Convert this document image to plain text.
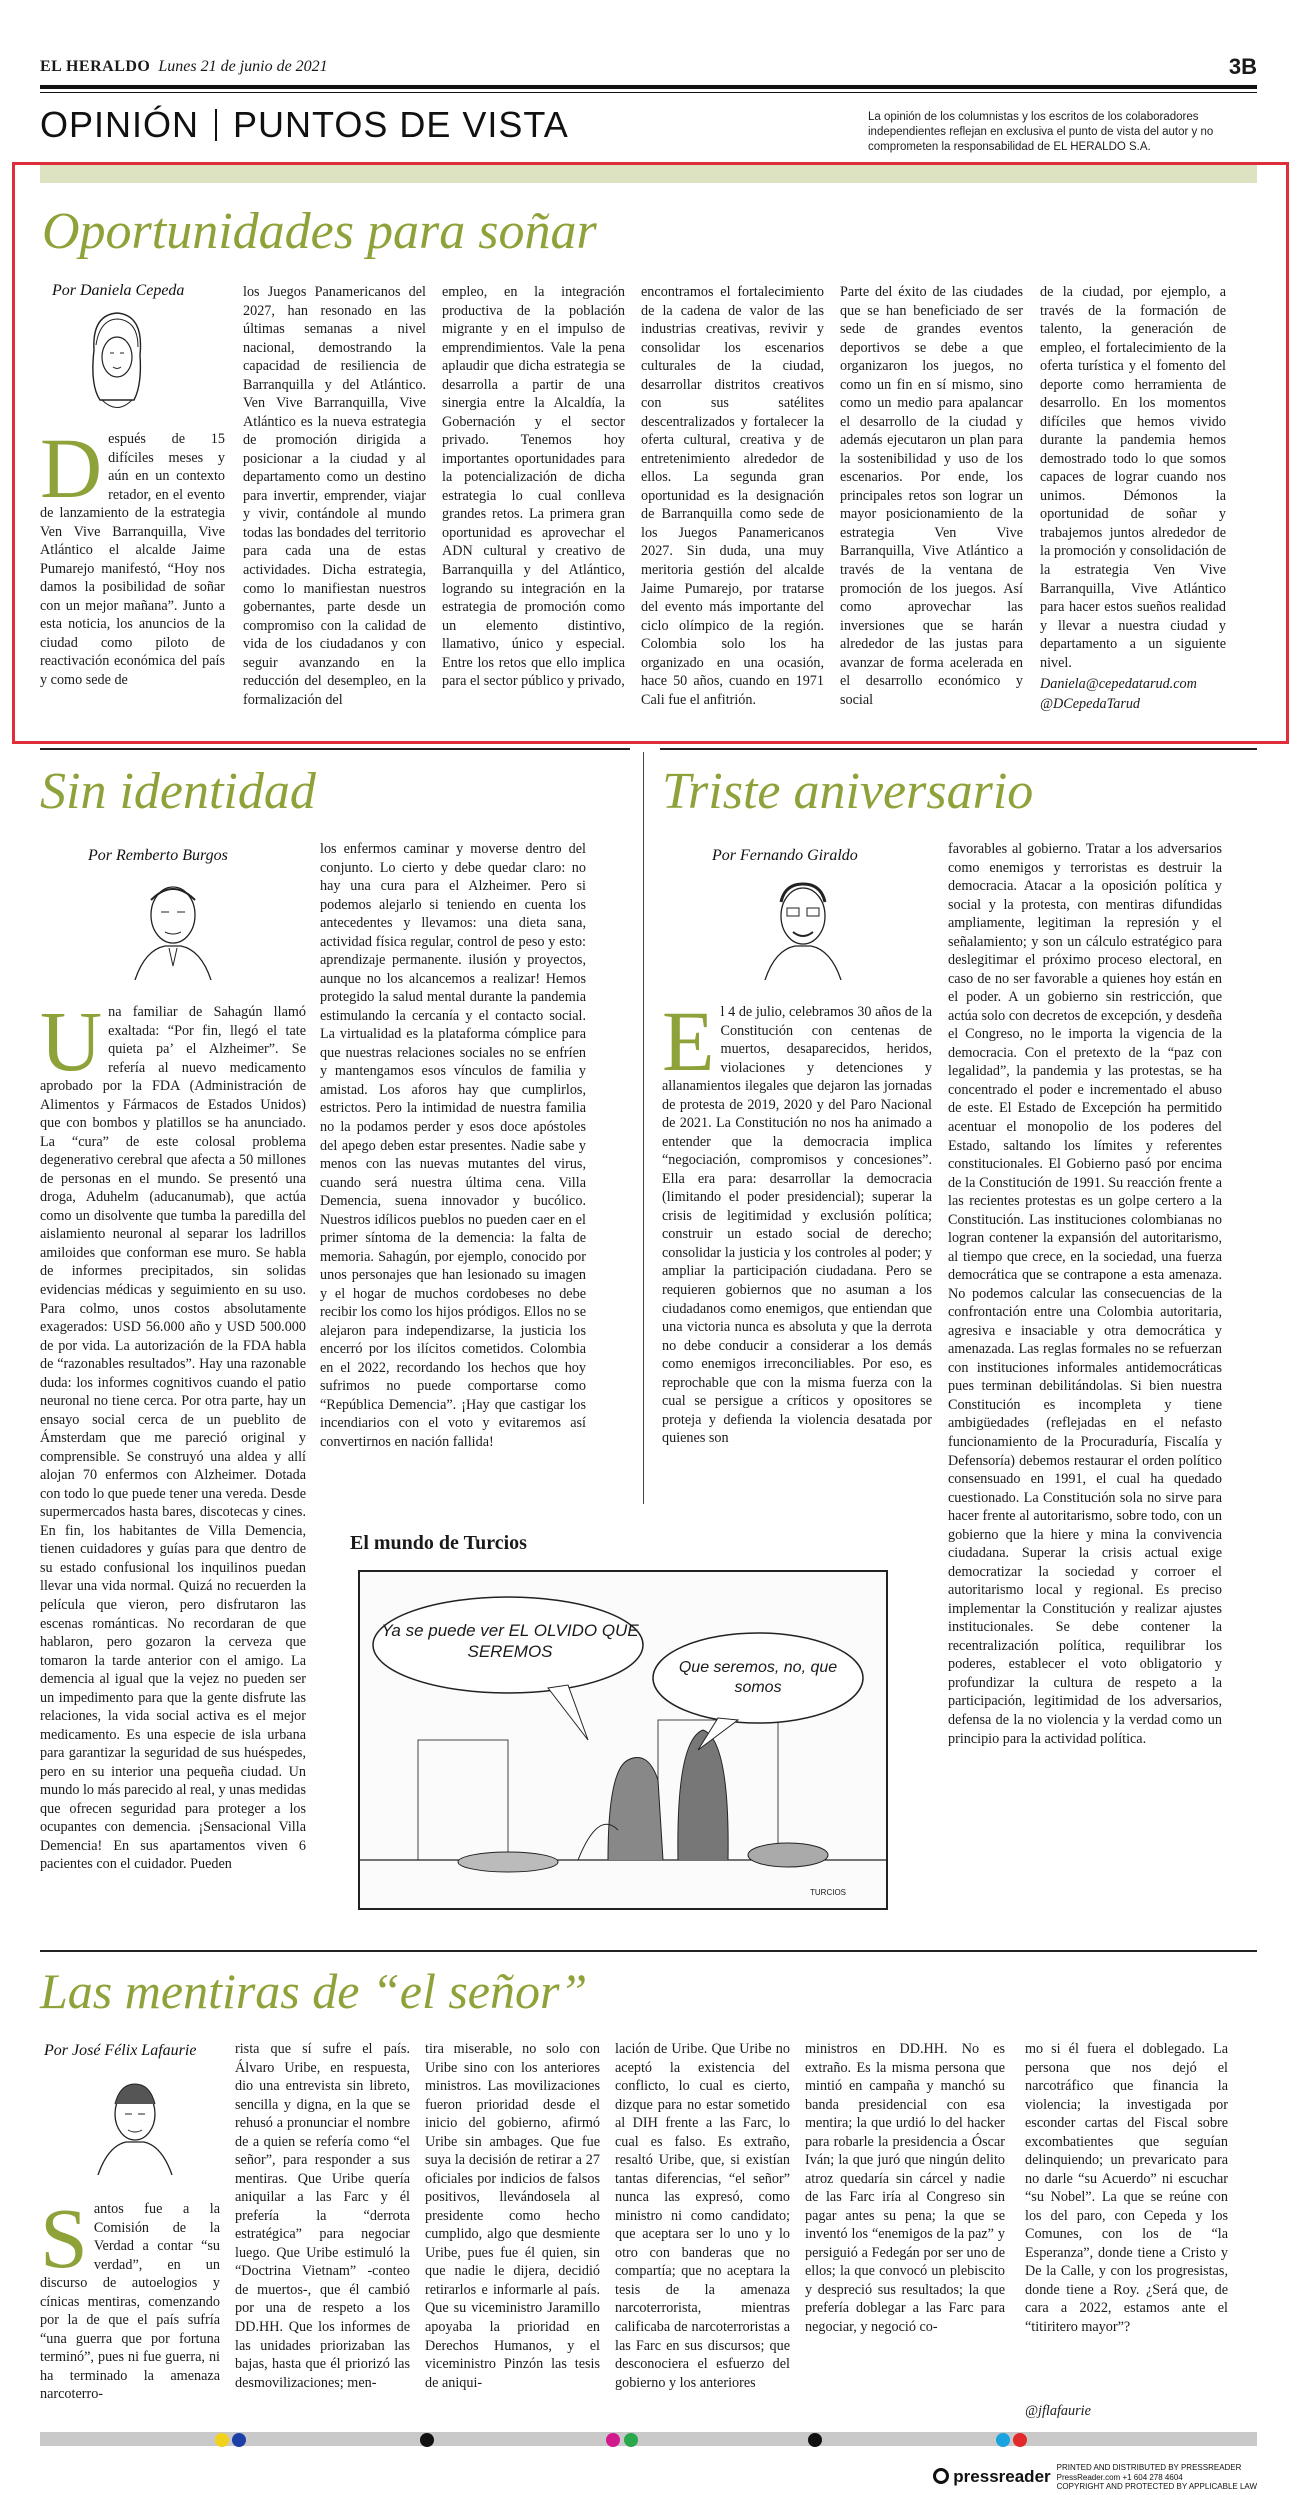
EL HERALDO Lunes 21 de junio de 2021	3B
OPINIÓN PUNTOS DE VISTA	La opinión de los columnistas y los escritos de los colaboradores independientes reflejan en exclusiva el punto de vista del autor y no comprometen la responsabilidad de EL HERALDO S.A.
Oportunidades para soñar
Por Daniela Cepeda
D espués de 15 difíciles meses y aún en un contexto retador, en el evento de lanzamiento de la estrategia Ven Vive Barranquilla, Vive Atlántico el alcalde Jaime Pumarejo manifestó, “Hoy nos damos la posibilidad de soñar con un mejor mañana”. Junto a esta noticia, los anuncios de la ciudad como piloto de reactivación económica del país y como sede de

los Juegos Panamericanos del 2027, han resonado en las últimas semanas a nivel nacional, demostrando la capacidad de resiliencia de Barranquilla y del Atlántico. Ven Vive Barranquilla, Vive Atlántico es la nueva estrategia de promoción dirigida a posicionar a la ciudad y al departamento como un destino para invertir, emprender, viajar y vivir, contándole al mundo todas las bondades del territorio para cada una de estas actividades. Dicha estrategia, como lo manifiestan nuestros gobernantes, parte desde un compromiso con la calidad de vida de los ciudadanos y con seguir avanzando en la reducción del desempleo, en la formalización del
empleo, en la integración productiva de la población migrante y en el impulso de emprendimientos. Vale la pena aplaudir que dicha estrategia se desarrolla a partir de una sinergia entre la Alcaldía, la Gobernación y el sector privado. Tenemos hoy importantes oportunidades para la potencialización de dicha estrategia lo cual conlleva grandes retos. La primera gran oportunidad es aprovechar el ADN cultural y creativo de Barranquilla y del Atlántico, logrando su integración en la estrategia de promoción como un elemento distintivo, llamativo, único y especial. Entre los retos que ello implica para el sector público y privado,
encontramos el fortalecimiento de la cadena de valor de las industrias creativas, revivir y consolidar los escenarios culturales de la ciudad, desarrollar distritos creativos con sus satélites descentralizados y fortalecer la oferta cultural, creativa y de entretenimiento alrededor de ellos. La segunda gran oportunidad es la designación de Barranquilla como sede de los Juegos Panamericanos 2027. Sin duda, una muy meritoria gestión del alcalde Jaime Pumarejo, por tratarse del evento más importante del ciclo olímpico de la región. Colombia solo los ha organizado en una ocasión, hace 50 años, cuando en 1971 Cali fue el anfitrión.
Parte del éxito de las ciudades que se han beneficiado de ser sede de grandes eventos deportivos se debe a que organizaron los juegos, no como un fin en sí mismo, sino como un medio para apalancar el desarrollo de la ciudad y además ejecutaron un plan para la sostenibilidad y uso de los escenarios. Por ende, los principales retos son lograr un mayor posicionamiento de la estrategia Ven Vive Barranquilla, Vive Atlántico a través de la ventana de promoción de los juegos. Así como aprovechar las inversiones que se harán alrededor de las justas para avanzar de forma acelerada en el desarrollo económico y social
de la ciudad, por ejemplo, a través de la formación de talento, la generación de empleo, el fortalecimiento de la oferta turística y el fomento del deporte como herramienta de desarrollo. En los momentos difíciles que hemos vivido durante la pandemia hemos demostrado todo lo que somos capaces de lograr cuando nos unimos. Démonos la oportunidad de soñar y trabajemos juntos alrededor de la promoción y consolidación de la estrategia Ven Vive Barranquilla, Vive Atlántico para hacer estos sueños realidad y llevar a nuestra ciudad y departamento a un siguiente nivel.
Daniela@cepedatarud.com
@DCepedaTarud
Sin identidad
Por Remberto Burgos
U na familiar de Sahagún llamó exaltada: “Por fin, llegó el tate quieta pa’ el Alzheimer”. Se refería al nuevo medicamento aprobado por la FDA (Administración de Alimentos y Fármacos de Estados Unidos) que con bombos y platillos se ha anunciado. La “cura” de este colosal problema degenerativo cerebral que afecta a 50 millones de personas en el mundo. Se presentó una droga, Aduhelm (aducanumab), que actúa como un disolvente que tumba la paredilla del aislamiento neuronal al separar los ladrillos amiloides que conforman ese muro. Se habla de informes precipitados, sin solidas evidencias médicas y seguimiento en su uso. Para colmo, unos costos absolutamente exagerados: USD 56.000 año y USD 500.000 de por vida. La autorización de la FDA habla de “razonables resultados”. Hay una razonable duda: los informes cognitivos cuando el patio neuronal no tiene cerca. Por otra parte, hay un ensayo social cerca de un pueblito de Ámsterdam que me pareció original y comprensible. Se construyó una aldea y allí alojan 70 enfermos con Alzheimer. Dotada con todo lo que puede tener una vereda. Desde supermercados hasta bares, discotecas y cines. En fin, los habitantes de Villa Demencia, tienen cuidadores y guías para que dentro de su estado confusional los inquilinos puedan llevar una vida normal. Quizá no recuerden la película que vieron, pero disfrutaron las escenas románticas. No recordaran de que hablaron, pero gozaron la cerveza que tomaron la tarde anterior con el amigo. La demencia al igual que la vejez no pueden ser un impedimento para que la gente disfrute las relaciones, la vida social activa es el mejor medicamento. Es una especie de isla urbana para garantizar la seguridad de sus huéspedes, pero en su interior una pequeña ciudad. Un mundo lo más parecido al real, y unas medidas que ofrecen seguridad para proteger a los ocupantes con demencia. ¡Sensacional Villa Demencia! En sus apartamentos viven 6 pacientes con el cuidador. Pueden

los enfermos caminar y moverse dentro del conjunto. Lo cierto y debe quedar claro: no hay una cura para el Alzheimer. Pero si podemos alejarlo si teniendo en cuenta los antecedentes y llevamos: una dieta sana, actividad física regular, control de peso y esto: aprendizaje permanente. ilusión y proyectos, aunque no los alcancemos a realizar! Hemos protegido la salud mental durante la pandemia estimulando la cercanía y el contacto social. La virtualidad es la plataforma cómplice para que nuestras relaciones sociales no se enfríen y mantengamos esos vínculos de familia y amistad. Los aforos hay que cumplirlos, estrictos. Pero la intimidad de nuestra familia no la podamos perder y esos doce apóstoles del apego deben estar presentes. Nadie sabe y menos con las nuevas mutantes del virus, cuando será nuestra última cena. Villa Demencia, suena innovador y bucólico. Nuestros idílicos pueblos no pueden caer en el primer síntoma de la demencia: la falta de memoria. Sahagún, por ejemplo, conocido por unos personajes que han lesionado su imagen y el hogar de muchos cordobeses no debe recibir los como los hijos pródigos. Ellos no se alejaron para independizarse, la justicia los encerró por los ilícitos cometidos. Colombia en el 2022, recordando los hechos que hoy sufrimos no puede comportarse como “República Demencia”. ¡Hay que castigar los incendiarios con el voto y evitaremos así convertirnos en nación fallida!
Triste aniversario
Por Fernando Giraldo
E l 4 de julio, celebramos 30 años de la Constitución con centenas de muertos, desaparecidos, heridos, violaciones y detenciones y allanamientos ilegales que dejaron las jornadas de protesta de 2019, 2020 y del Paro Nacional de 2021. La Constitución no nos ha animado a entender que la democracia implica “negociación, compromisos y concesiones”. Ella era para: desarrollar la democracia (limitando el poder presidencial); superar la crisis de legitimidad y exclusión política; construir un estado social de derecho; consolidar la justicia y los controles al poder; y ampliar la participación ciudadana. Pero se requieren gobiernos que no asuman a los ciudadanos como enemigos, que entiendan que una victoria nunca es absoluta y que la derrota no debe conducir a considerar a los demás como enemigos irreconciliables. Por eso, es reprochable que con la misma fuerza con la cual se persigue a críticos y opositores se proteja y defienda la violencia desatada por quienes son

favorables al gobierno. Tratar a los adversarios como enemigos y terroristas es destruir la democracia. Atacar a la oposición política y social y la protesta, con mentiras difundidas ampliamente, legitiman la represión y el señalamiento; y son un cálculo estratégico para deslegitimar el próximo proceso electoral, en caso de no ser favorable a quienes hoy están en el poder. A un gobierno sin restricción, que actúa solo con decretos de excepción, y desdeña el Congreso, no le importa la vigencia de la democracia. Con el pretexto de la “paz con legalidad”, la pandemia y las protestas, se ha concentrado el poder e incrementado el abuso de este. El Estado de Excepción ha permitido acentuar el monopolio de los poderes del Estado, saltando los límites y referentes constitucionales. El Gobierno pasó por encima de la Constitución de 1991. Su reacción frente a las recientes protestas es un golpe certero a la Constitución. Las instituciones colombianas no logran contener la expansión del autoritarismo, al tiempo que crece, en la sociedad, una fuerza democrática que se contrapone a esta amenaza. No podemos calcular las consecuencias de la confrontación entre una Colombia autoritaria, agresiva e insaciable y otra democrática y amenazada. Las reglas formales no se refuerzan con instituciones informales antidemocráticas pues terminan debilitándolas. Si bien nuestra Constitución es incompleta y tiene ambigüedades (reflejadas en el nefasto funcionamiento de la Procuraduría, Fiscalía y Defensoría) debemos restaurar el orden político consensuado en 1991, el cual ha quedado cuestionado. La Constitución sola no sirve para hacer frente al autoritarismo, sobre todo, con un gobierno que la hiere y mina la convivencia ciudadana. Superar la crisis actual exige democratizar la sociedad y corroer el autoritarismo local y regional. Es preciso implementar la Constitución y realizar ajustes institucionales. Se debe contener la recentralización política, requilibrar los poderes, establecer el voto obligatorio y profundizar la cultura de respeto a la participación, legitimidad de los adversarios, defensa de la no violencia y la verdad como un principio para la actividad política.
El mundo de Turcios
Ya se puede ver EL OLVIDO QUE SEREMOS
Que seremos, no, que somos
TURCIOS
Las mentiras de “el señor”
Por José Félix Lafaurie
S antos fue a la Comisión de la Verdad a contar “su verdad”, en un discurso de autoelogios y cínicas mentiras, comenzando por la de que el país sufría “una guerra que por fortuna terminó”, pues ni fue guerra, ni ha terminado la amenaza narcoterro-

rista que sí sufre el país. Álvaro Uribe, en respuesta, dio una entrevista sin libreto, sencilla y digna, en la que se rehusó a pronunciar el nombre de a quien se refería como “el señor”, para responder a sus mentiras. Que Uribe quería aniquilar a las Farc y él prefería la “derrota estratégica” para negociar luego. Que Uribe estimuló la “Doctrina Vietnam” -conteo de muertos-, que él cambió por una de respeto a los DD.HH. Que los informes de las unidades priorizaban las bajas, hasta que él priorizó las desmovilizaciones; men-
tira miserable, no solo con Uribe sino con los anteriores ministros. Las movilizaciones fueron prioridad desde el inicio del gobierno, afirmó Uribe sin ambages. Que fue suya la decisión de retirar a 27 oficiales por indicios de falsos positivos, llevándosela al presidente como hecho cumplido, algo que desmiente Uribe, pues fue él quien, sin que nadie le dijera, decidió retirarlos e informarle al país. Que su viceministro Jaramillo apoyaba la prioridad en Derechos Humanos, y el viceministro Pinzón las tesis de aniqui-
lación de Uribe. Que Uribe no aceptó la existencia del conflicto, lo cual es cierto, dizque para no estar sometido al DIH frente a las Farc, lo cual es falso. Es extraño, resaltó Uribe, que, si existían tantas diferencias, “el señor” nunca las expresó, como ministro ni como candidato; que aceptara ser lo uno y lo otro con banderas que no compartía; que no aceptara la tesis de la amenaza narcoterrorista, mientras calificaba de narcoterroristas a las Farc en sus discursos; que desconociera el esfuerzo del gobierno y los anteriores
ministros en DD.HH. No es extraño. Es la misma persona que mintió en campaña y manchó su banda presidencial con esa mentira; la que urdió lo del hacker para robarle la presidencia a Óscar Iván; la que juró que ningún delito atroz quedaría sin cárcel y nadie de las Farc iría al Congreso sin pagar antes su pena; la que se inventó los “enemigos de la paz” y persiguió a Fedegán por ser uno de ellos; la que convocó un plebiscito y despreció sus resultados; la que prefería doblegar a las Farc para negociar, y negoció co-
mo si él fuera el doblegado. La persona que nos dejó el narcotráfico que financia la violencia; la investigada por esconder cartas del Fiscal sobre excombatientes que seguían delinquiendo; un prevaricato para no darle “su Acuerdo” ni escuchar “su Nobel”. La que se reúne con los del paro, con Cepeda y los Comunes, con los de “la Esperanza”, donde tiene a Cristo y De la Calle, y con los progresistas, donde tiene a Roy. ¿Será que, de cara a 2022, estamos ante el “titiritero mayor”?
@jflafaurie
pressreader PRINTED AND DISTRIBUTED BY PRESSREADER
PressReader.com +1 604 278 4604
COPYRIGHT AND PROTECTED BY APPLICABLE LAW
